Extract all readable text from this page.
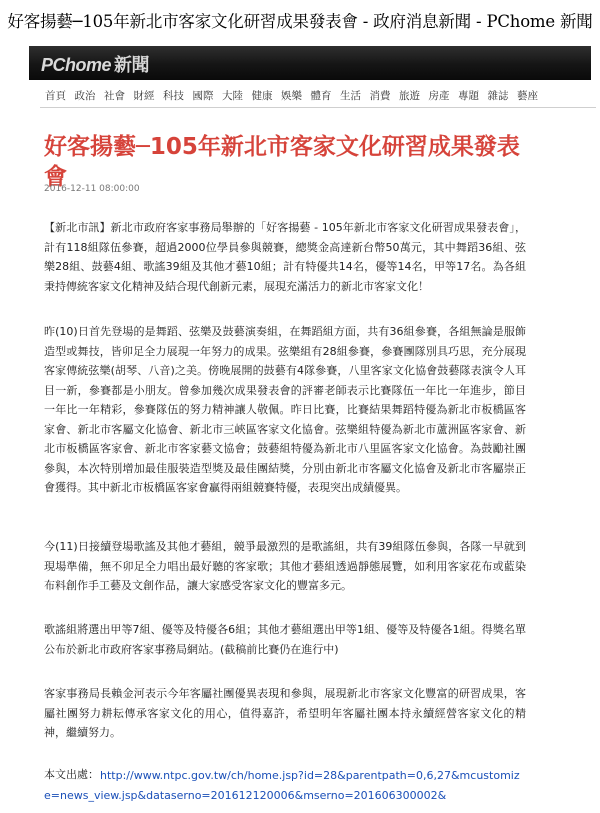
好客揚藝─105年新北市客家文化研習成果發表會 - 政府消息新聞 - PChome 新聞
PChome 新聞
首頁 政治 社會 財經 科技 國際 大陸 健康 娛樂 體育 生活 消費 旅遊 房產 專題 雜誌 藝座
好客揚藝─105年新北市客家文化研習成果發表會
2016-12-11 08:00:00

【新北市訊】新北市政府客家事務局舉辦的「好客揚藝 - 105年新北市客家文化研習成果發表會」，計有118組隊伍參賽，超過2000位學員參與競賽，總獎金高達新台幣50萬元，其中舞蹈36組、弦樂28組、鼓藝4組、歌謠39組及其他才藝10組；計有特優共14名，優等14名，甲等17名。為各組秉持傳統客家文化精神及結合現代創新元素，展現充滿活力的新北市客家文化！

昨(10)日首先登場的是舞蹈、弦樂及鼓藝演奏組，在舞蹈組方面，共有36組參賽，各組無論是服飾造型或舞技，皆卯足全力展現一年努力的成果。弦樂組有28組參賽，參賽團隊別具巧思，充分展現客家傳統弦樂(胡琴、八音)之美。傍晚展開的鼓藝有4隊參賽，八里客家文化協會鼓藝隊表演令人耳目一新，參賽都是小朋友。曾參加幾次成果發表會的評審老師表示比賽隊伍一年比一年進步，節目一年比一年精彩，參賽隊伍的努力精神讓人敬佩。昨日比賽，比賽結果舞蹈特優為新北市板橋區客家會、新北市客屬文化協會、新北市三峽區客家文化協會。弦樂組特優為新北市蘆洲區客家會、新北市板橋區客家會、新北市客家藝文協會；鼓藝組特優為新北市八里區客家文化協會。為鼓勵社團參與，本次特別增加最佳服裝造型獎及最佳團結獎，分別由新北市客屬文化協會及新北市客屬崇正會獲得。其中新北市板橋區客家會贏得兩組競賽特優，表現突出成績優異。

今(11)日接續登場歌謠及其他才藝組，競爭最激烈的是歌謠組，共有39組隊伍參與，各隊一早就到現場準備，無不卯足全力唱出最好聽的客家歌；其他才藝組透過靜態展覽，如利用客家花布或藍染布料創作手工藝及文創作品，讓大家感受客家文化的豐富多元。

歌謠組將選出甲等7組、優等及特優各6組；其他才藝組選出甲等1組、優等及特優各1組。得獎名單公布於新北市政府客家事務局網站。(截稿前比賽仍在進行中)

客家事務局長賴金河表示今年客屬社團優異表現和參與，展現新北市客家文化豐富的研習成果，客屬社團努力耕耘傳承客家文化的用心，值得嘉許，希望明年客屬社團本持永續經營客家文化的精神，繼續努力。

http://www.ntpc.gov.tw/ch/home.jsp?id=28&parentpath=0,6,27&mcustomize=news_view.jsp&dataserno=201612120006&mserno=201606300002&
本文出處：
